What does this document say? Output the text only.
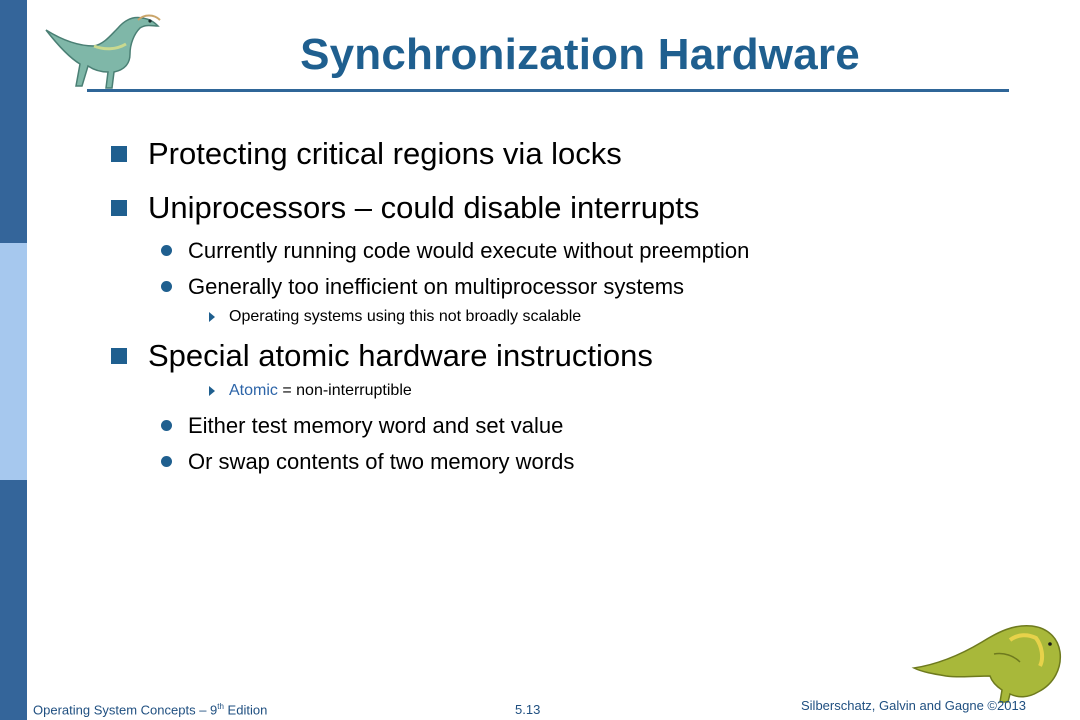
Synchronization Hardware
Protecting critical regions via locks
Uniprocessors – could disable interrupts
Currently running code would execute without preemption
Generally too inefficient on multiprocessor systems
Operating systems using this not broadly scalable
Special atomic hardware instructions
Atomic = non-interruptible
Either test memory word and set value
Or swap contents of two memory words
Operating System Concepts – 9th Edition	5.13	Silberschatz, Galvin and Gagne ©2013
